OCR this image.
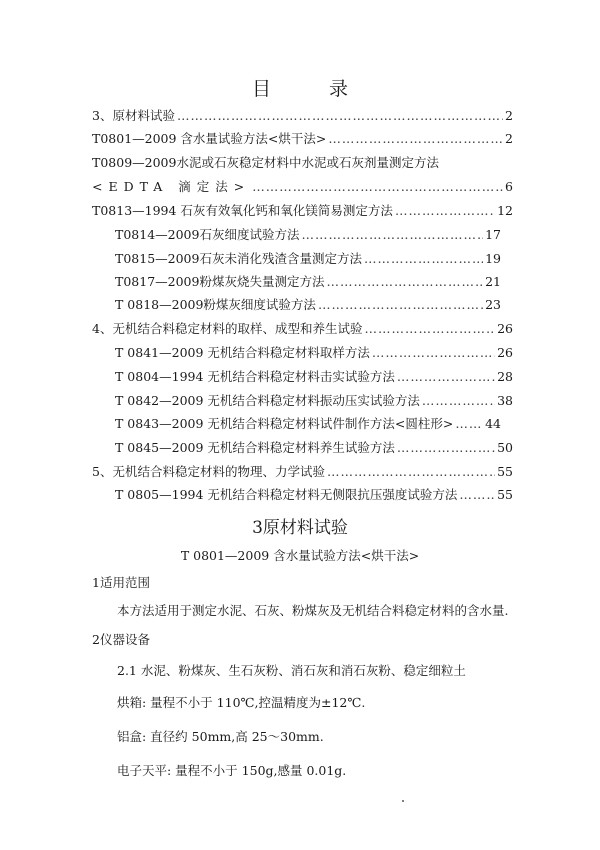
目 录
3、原材料试验 ………………………………………………………………………………………………………………………………………………………………………………………………………………	2
T0801—2009 含水量试验方法<烘干法> ………………………………………………………………………………………………………………………………………………………………………………………………………………	2
T0809—2009水泥或石灰稳定材料中水泥或石灰剂量测定方法
<EDTA 滴定法> ………………………………………………………………………………………………………………………………………………………………………………………………………………	6
T0813—1994 石灰有效氧化钙和氧化镁简易测定方法 ………………………………………………………………………………………………………………………………………………………………………………………………………………	12
T0814—2009石灰细度试验方法 ………………………………………………………………………………………………………………………………………………………………………………………………………………	17
T0815—2009石灰未消化残渣含量测定方法 ………………………………………………………………………………………………………………………………………………………………………………………………………………	19
T0817—2009粉煤灰烧失量测定方法 ………………………………………………………………………………………………………………………………………………………………………………………………………………	21
T 0818—2009粉煤灰细度试验方法 ………………………………………………………………………………………………………………………………………………………………………………………………………………	23
4、无机结合料稳定材料的取样、成型和养生试验 ………………………………………………………………………………………………………………………………………………………………………………………………………………	26
T 0841—2009 无机结合料稳定材料取样方法 ………………………………………………………………………………………………………………………………………………………………………………………………………………	26
T 0804—1994 无机结合料稳定材料击实试验方法 ………………………………………………………………………………………………………………………………………………………………………………………………………………	28
T 0842—2009 无机结合料稳定材料振动压实试验方法 ………………………………………………………………………………………………………………………………………………………………………………………………………………	38
T 0843—2009 无机结合料稳定材料试件制作方法<圆柱形> ………………………………………………………………………………………………………………………………………………………………………………………………………………	44
T 0845—2009 无机结合料稳定材料养生试验方法 ………………………………………………………………………………………………………………………………………………………………………………………………………………	50
5、无机结合料稳定材料的物理、力学试验 ………………………………………………………………………………………………………………………………………………………………………………………………………………	55
T 0805—1994 无机结合料稳定材料无侧限抗压强度试验方法 ………………………………………………………………………………………………………………………………………………………………………………………………………………	55
3原材料试验
T 0801—2009 含水量试验方法<烘干法>
1适用范围
本方法适用于测定水泥、石灰、粉煤灰及无机结合料稳定材料的含水量.
2仪器设备
2.1 水泥、粉煤灰、生石灰粉、消石灰和消石灰粉、稳定细粒土
烘箱: 量程不小于 110℃,控温精度为±12℃.
铝盒: 直径约 50mm,高 25～30mm.
电子天平: 量程不小于 150g,感量 0.01g.
